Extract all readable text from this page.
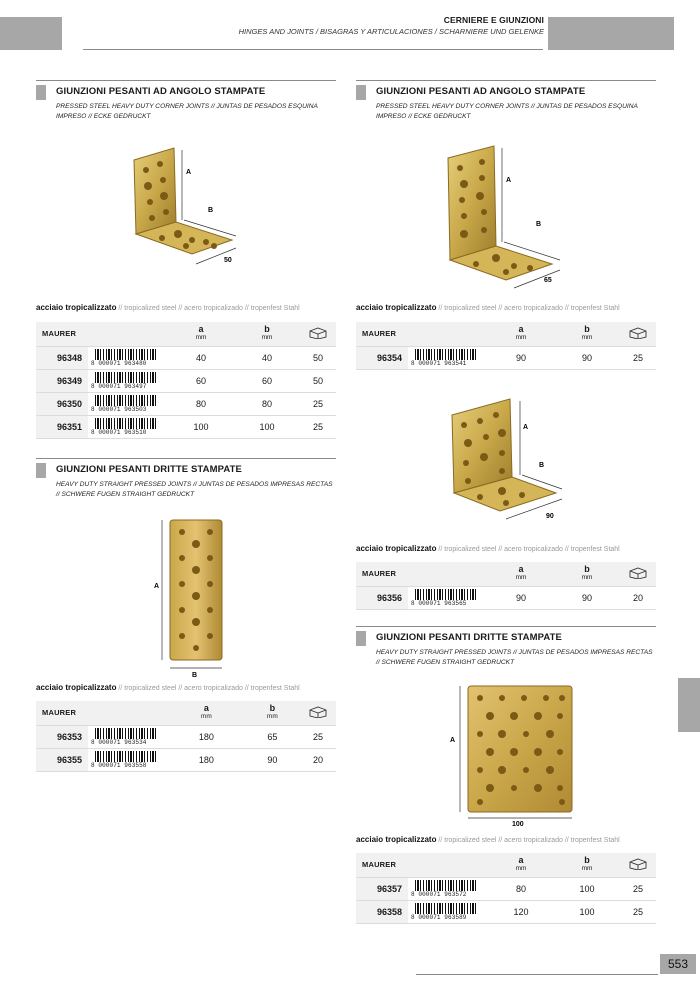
CERNIERE E GIUNZIONI
HINGES AND JOINTS / BISAGRAS Y ARTICULACIONES / SCHARNIERE UND GELENKE
GIUNZIONI PESANTI AD ANGOLO STAMPATE
PRESSED STEEL HEAVY DUTY CORNER JOINTS // JUNTAS DE PESADOS ESQUINA IMPRESO // ECKE GEDRUCKT
A
B
50
acciaio tropicalizzato // tropicalized steel // acero tropicalizado // tropenfest Stahl
MAURER		a
mm	b
mm

96348	8 000071 963480	40	40	50
96349	8 000071 963497	60	60	50
96350	8 000071 963503	80	80	25
96351	8 000071 963510	100	100	25
GIUNZIONI PESANTI DRITTE STAMPATE
HEAVY DUTY STRAIGHT PRESSED JOINTS // JUNTAS DE PESADOS IMPRESAS RECTAS // SCHWERE FUGEN STRAIGHT GEDRUCKT
A
B
acciaio tropicalizzato // tropicalized steel // acero tropicalizado // tropenfest Stahl
MAURER		a
mm	b
mm

96353	8 000071 963534	180	65	25
96355	8 000071 963558	180	90	20
GIUNZIONI PESANTI AD ANGOLO STAMPATE
PRESSED STEEL HEAVY DUTY CORNER JOINTS // JUNTAS DE PESADOS ESQUINA IMPRESO // ECKE GEDRUCKT
A
B
65
acciaio tropicalizzato // tropicalized steel // acero tropicalizado // tropenfest Stahl
MAURER		a
mm	b
mm

96354	8 000071 963541	90	90	25
A
B
90
acciaio tropicalizzato // tropicalized steel // acero tropicalizado // tropenfest Stahl
MAURER		a
mm	b
mm

96356	8 000071 963565	90	90	20
GIUNZIONI PESANTI DRITTE STAMPATE
HEAVY DUTY STRAIGHT PRESSED JOINTS // JUNTAS DE PESADOS IMPRESAS RECTAS // SCHWERE FUGEN STRAIGHT GEDRUCKT
A
100
acciaio tropicalizzato // tropicalized steel // acero tropicalizado // tropenfest Stahl
MAURER		a
mm	b
mm

96357	8 000071 963572	80	100	25
96358	8 000071 963589	120	100	25
553
